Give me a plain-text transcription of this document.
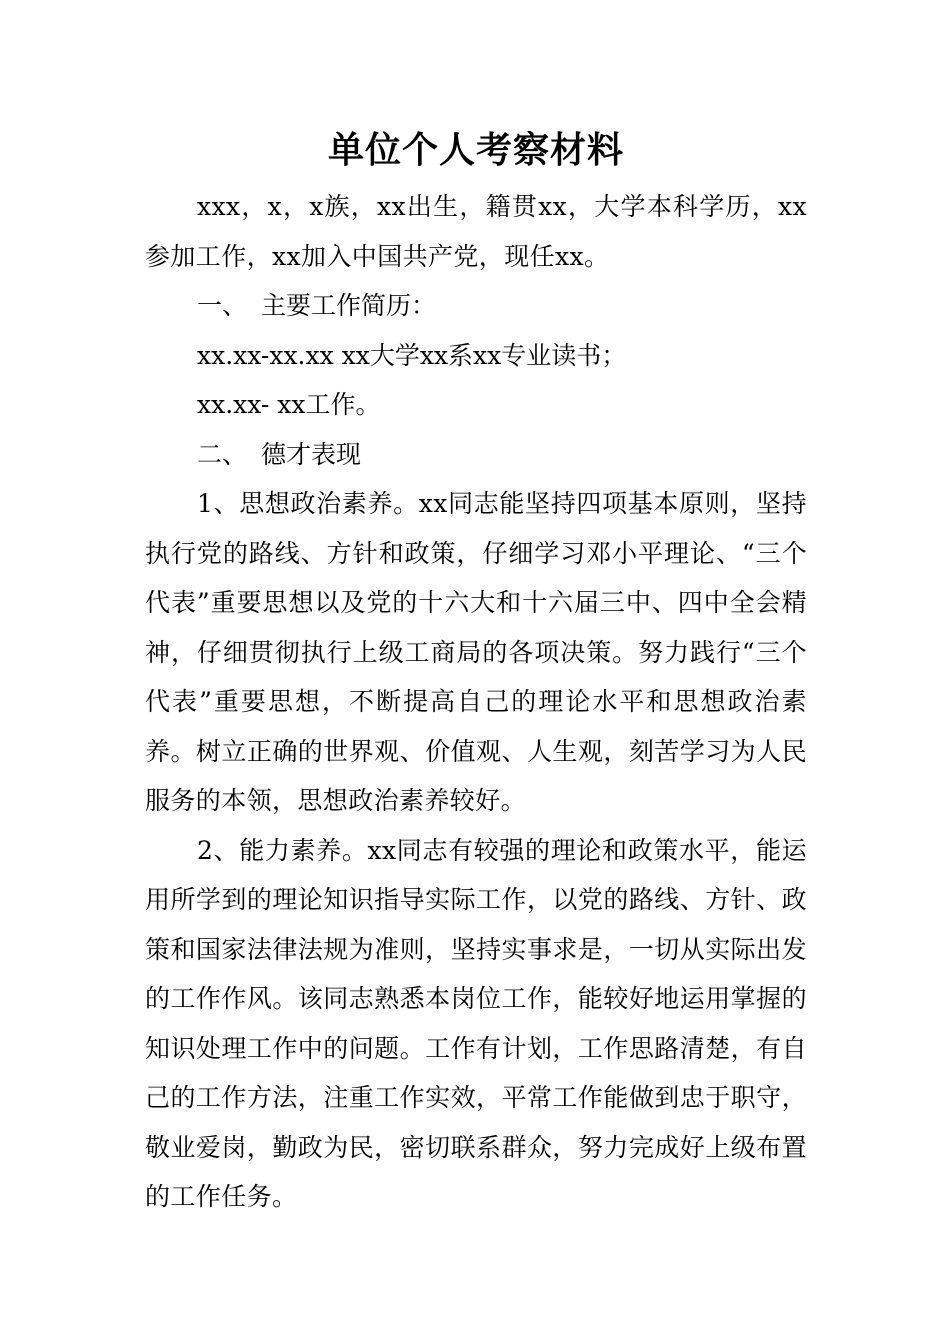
单位个人考察材料

xxx，x，x族，xx出生，籍贯xx，大学本科学历，xx参加工作，xx加入中国共产党，现任xx。

一、 主要工作简历：

xx.xx-xx.xx xx大学xx系xx专业读书；

xx.xx- xx工作。

二、 德才表现

1、思想政治素养。xx同志能坚持四项基本原则，坚持执行党的路线、方针和政策，仔细学习邓小平理论、“三个代表”重要思想以及党的十六大和十六届三中、四中全会精神，仔细贯彻执行上级工商局的各项决策。努力践行“三个代表”重要思想，不断提高自己的理论水平和思想政治素养。树立正确的世界观、价值观、人生观，刻苦学习为人民服务的本领，思想政治素养较好。

2、能力素养。xx同志有较强的理论和政策水平，能运用所学到的理论知识指导实际工作，以党的路线、方针、政策和国家法律法规为准则，坚持实事求是，一切从实际出发的工作作风。该同志熟悉本岗位工作，能较好地运用掌握的知识处理工作中的问题。工作有计划，工作思路清楚，有自己的工作方法，注重工作实效，平常工作能做到忠于职守，敬业爱岗，勤政为民，密切联系群众，努力完成好上级布置的工作任务。
